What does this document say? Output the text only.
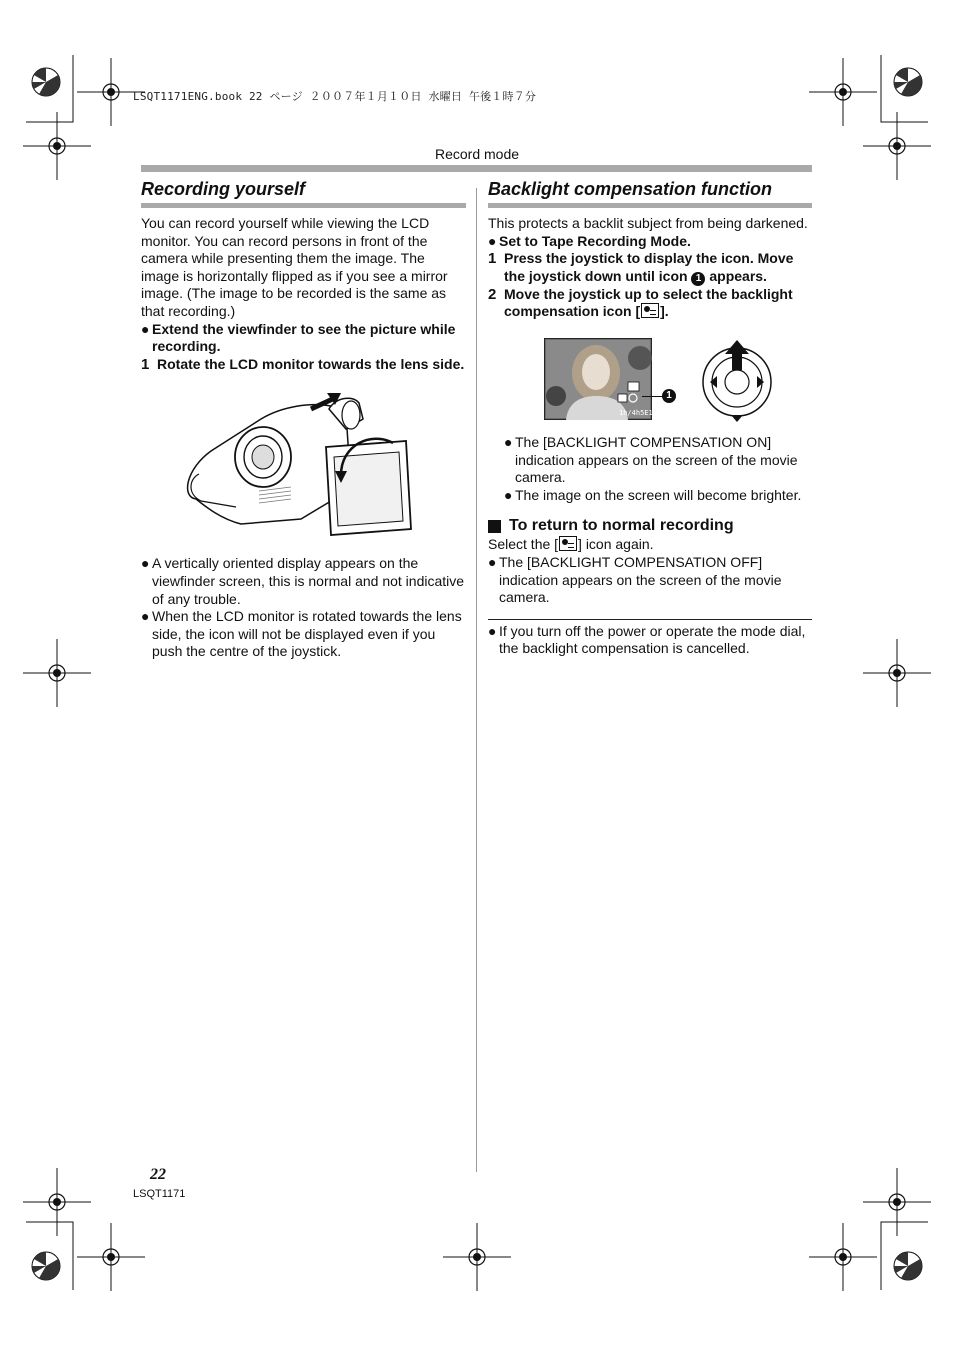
LSQT1171ENG.book 22 ページ ２００７年１月１０日 水曜日 午後１時７分
Record mode
Recording yourself

You can record yourself while viewing the LCD monitor. You can record persons in front of the camera while presenting them the image. The image is horizontally flipped as if you see a mirror image. (The image to be recorded is the same as that recording.)

● Extend the viewfinder to see the picture while recording.
1 Rotate the LCD monitor towards the lens side.
● A vertically oriented display appears on the viewfinder screen, this is normal and not indicative of any trouble.
● When the LCD monitor is rotated towards the lens side, the icon will not be displayed even if you push the centre of the joystick.
Backlight compensation function

This protects a backlit subject from being darkened.

● Set to Tape Recording Mode.
1 Press the joystick to display the icon. Move the joystick down until icon 1 appears.
2 Move the joystick up to select the backlight compensation icon [ ].
1h/4h5E1
1
● The [BACKLIGHT COMPENSATION ON] indication appears on the screen of the movie camera.
● The image on the screen will become brighter.
To return to normal recording

Select the [ ] icon again.

● The [BACKLIGHT COMPENSATION OFF] indication appears on the screen of the movie camera.
● If you turn off the power or operate the mode dial, the backlight compensation is cancelled.
22
LSQT1171
